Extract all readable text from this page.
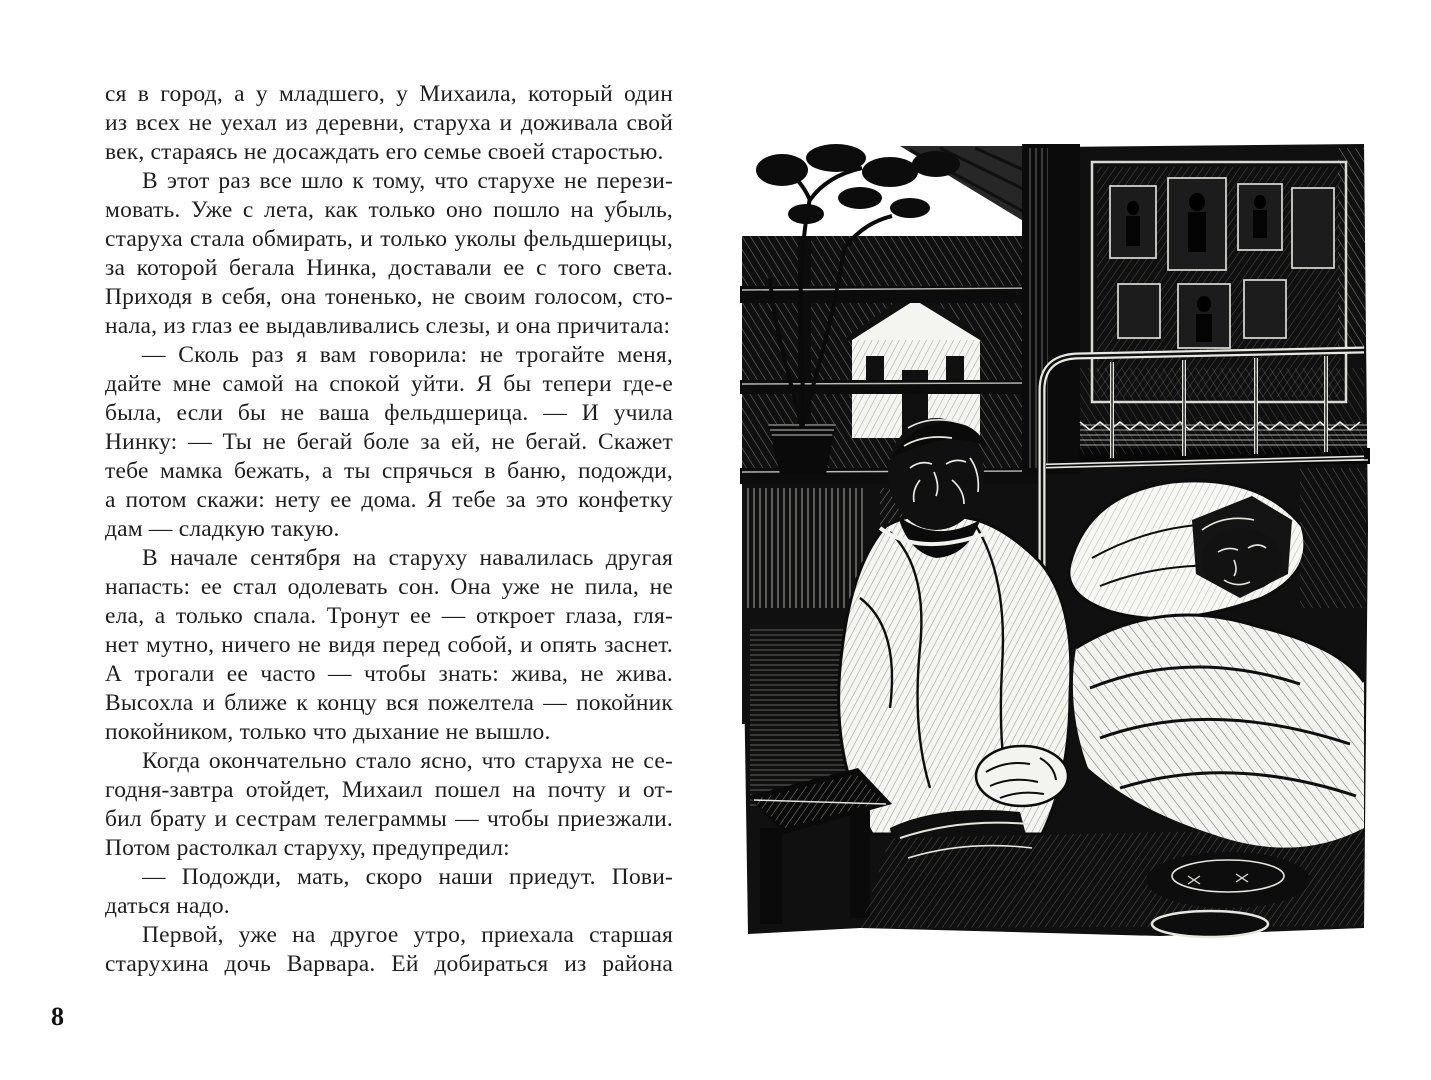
ся в город, а у младшего, у Михаила, который один
из всех не уехал из деревни, старуха и доживала свой
век, стараясь не досаждать его семье своей старостью.
В этот раз все шло к тому, что старухе не перези-
мовать. Уже с лета, как только оно пошло на убыль,
старуха стала обмирать, и только уколы фельдшерицы,
за которой бегала Нинка, доставали ее с того света.
Приходя в себя, она тоненько, не своим голосом, сто-
нала, из глаз ее выдавливались слезы, и она причитала:
— Сколь раз я вам говорила: не трогайте меня,
дайте мне самой на спокой уйти. Я бы тепери где-е
была, если бы не ваша фельдшерица. — И учила
Нинку: — Ты не бегай боле за ей, не бегай. Скажет
тебе мамка бежать, а ты спрячься в баню, подожди,
а потом скажи: нету ее дома. Я тебе за это конфетку
дам — сладкую такую.
В начале сентября на старуху навалилась другая
напасть: ее стал одолевать сон. Она уже не пила, не
ела, а только спала. Тронут ее — откроет глаза, гля-
нет мутно, ничего не видя перед собой, и опять заснет.
А трогали ее часто — чтобы знать: жива, не жива.
Высохла и ближе к концу вся пожелтела — покойник
покойником, только что дыхание не вышло.
Когда окончательно стало ясно, что старуха не се-
годня-завтра отойдет, Михаил пошел на почту и от-
бил брату и сестрам телеграммы — чтобы приезжали.
Потом растолкал старуху, предупредил:
— Подожди, мать, скоро наши приедут. Пови-
даться надо.
Первой, уже на другое утро, приехала старшая
старухина дочь Варвара. Ей добираться из района
8
